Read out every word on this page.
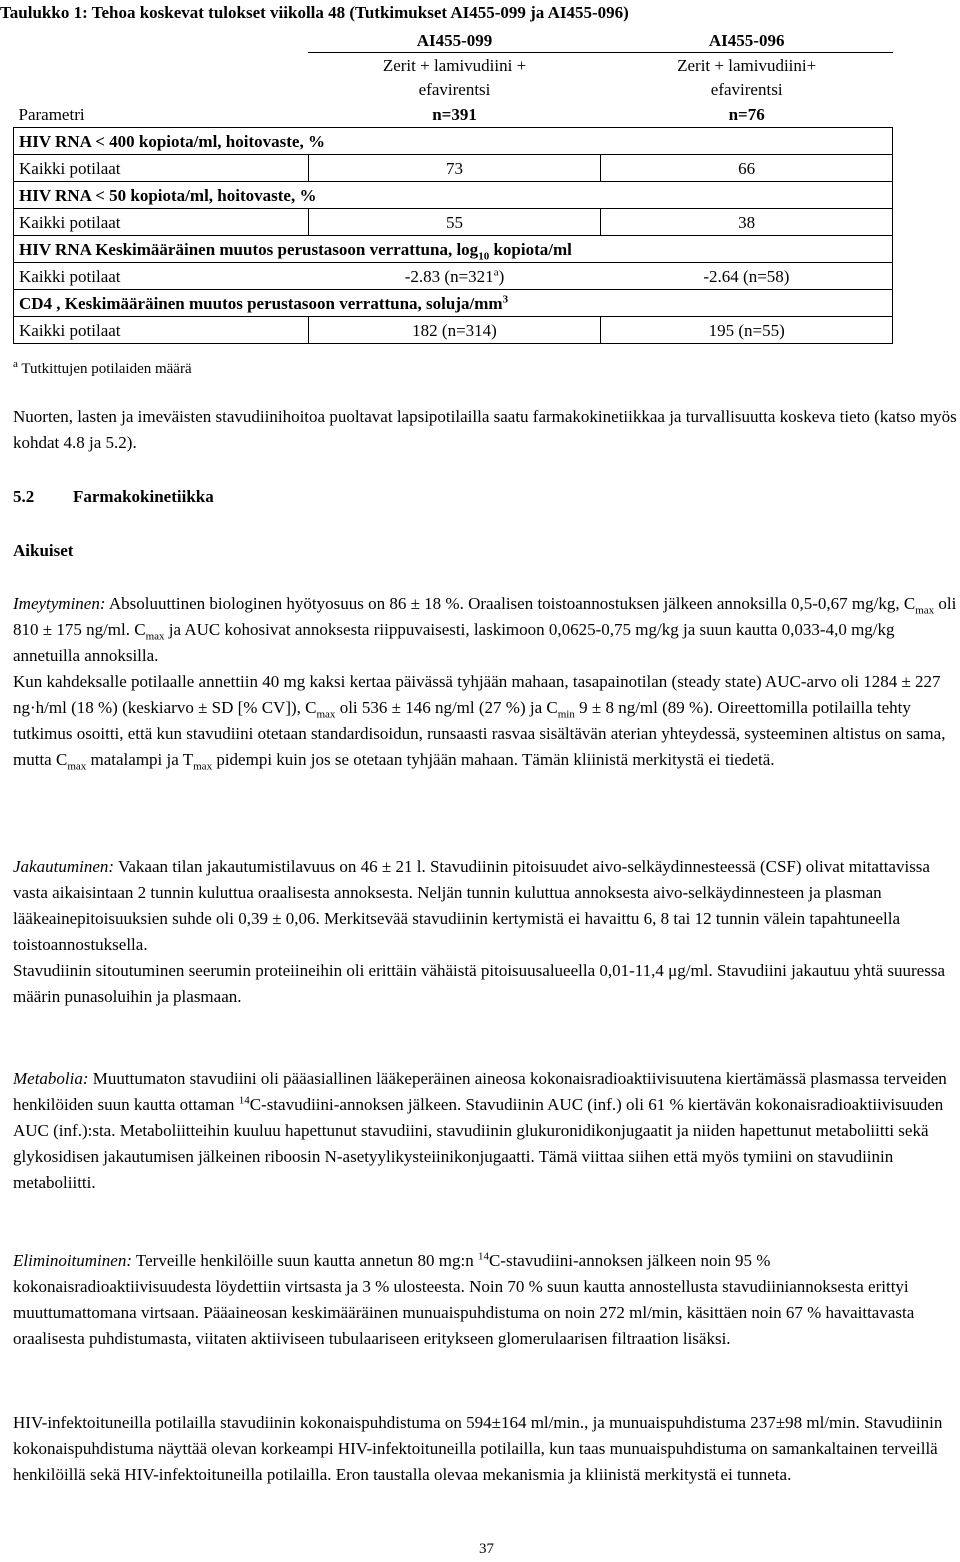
Taulukko 1: Tehoa koskevat tulokset viikolla 48 (Tutkimukset AI455-099 ja AI455-096)
	AI455-099	AI455-096
	Zerit + lamivudiini +	Zerit + lamivudiini+
	efavirentsi	efavirentsi
Parametri	n=391	n=76
HIV RNA < 400 kopiota/ml, hoitovaste, %		
Kaikki potilaat	73	66
HIV RNA < 50 kopiota/ml, hoitovaste, %		
Kaikki potilaat	55	38
HIV RNA Keskimääräinen muutos perustasoon verrattuna, $\log_{10}$ kopiota/ml		
Kaikki potilaat	-2.83 $(n=321^a)$	-2.64 (n=58)
CD4 , Keskimääräinen muutos perustasoon verrattuna, soluja/$mm^3$
Kaikki potilaat	182 (n=314)	195 (n=55)
$^a$ Tutkittujen potilaiden määrä

Nuorten, lasten ja imeväisten stavudiinihoitoa puoltavat lapsipotilailla saatu farmakokinetiikkaa ja turvallisuutta koskeva tieto (katso myös kohdat 4.8 ja 5.2).

5.2 Farmakokinetiikka
Aikuiset

Imeytyminen: Absoluuttinen biologinen hyötyosuus on 86 ± 18 %. Oraalisen toistoannostuksen jälkeen annoksilla 0,5-0,67 mg/kg, $C_{max}$ oli 810 ± 175 ng/ml. $C_{max}$ ja AUC kohosivat annoksesta riippuvaisesti, laskimoon 0,0625-0,75 mg/kg ja suun kautta 0,033-4,0 mg/kg annetuilla annoksilla.
Kun kahdeksalle potilaalle annettiin 40 mg kaksi kertaa päivässä tyhjään mahaan, tasapainotilan (steady state) AUC-arvo oli 1284 ± 227 ng·h/ml (18 %) (keskiarvo ± SD [% CV]), $C_{max}$ oli 536 ± 146 ng/ml (27 %) ja $C_{min}$ 9 ± 8 ng/ml (89 %). Oireettomilla potilailla tehty tutkimus osoitti, että kun stavudiini otetaan standardisoidun, runsaasti rasvaa sisältävän aterian yhteydessä, systeeminen altistus on sama, mutta $C_{max}$ matalampi ja $T_{max}$ pidempi kuin jos se otetaan tyhjään mahaan. Tämän kliinistä merkitystä ei tiedetä.

Jakautuminen: Vakaan tilan jakautumistilavuus on 46 ± 21 l. Stavudiinin pitoisuudet aivo-selkäydinnesteessä (CSF) olivat mitattavissa vasta aikaisintaan 2 tunnin kuluttua oraalisesta annoksesta. Neljän tunnin kuluttua annoksesta aivo-selkäydinnesteen ja plasman lääkeainepitoisuuksien suhde oli 0,39 ± 0,06. Merkitsevää stavudiinin kertymistä ei havaittu 6, 8 tai 12 tunnin välein tapahtuneella toistoannostuksella.
Stavudiinin sitoutuminen seerumin proteiineihin oli erittäin vähäistä pitoisuusalueella 0,01-11,4 μg/ml. Stavudiini jakautuu yhtä suuressa määrin punasoluihin ja plasmaan.

Metabolia: Muuttumaton stavudiini oli pääasiallinen lääkeperäinen aineosa kokonaisradioaktiivisuutena kiertämässä plasmassa terveiden henkilöiden suun kautta ottaman $^{14}$C-stavudiini-annoksen jälkeen. Stavudiinin AUC (inf.) oli 61 % kiertävän kokonaisradioaktiivisuuden AUC (inf.):sta. Metaboliitteihin kuuluu hapettunut stavudiini, stavudiinin glukuronidikonjugaatit ja niiden hapettunut metaboliitti sekä glykosidisen jakautumisen jälkeinen riboosin N-asetyylikysteiinikonjugaatti. Tämä viittaa siihen että myös tymiini on stavudiinin metaboliitti.

Eliminoituminen: Terveille henkilöille suun kautta annetun 80 mg:n $^{14}$C-stavudiini-annoksen jälkeen noin 95 % kokonaisradioaktiivisuudesta löydettiin virtsasta ja 3 % ulosteesta. Noin 70 % suun kautta annostellusta stavudiiniannoksesta erittyi muuttumattomana virtsaan. Pääaineosan keskimääräinen munuaispuhdistuma on noin 272 ml/min, käsittäen noin 67 % havaittavasta oraalisesta puhdistumasta, viitaten aktiiviseen tubulaariseen eritykseen glomerulaarisen filtraation lisäksi.

HIV-infektoituneilla potilailla stavudiinin kokonaispuhdistuma on 594±164 ml/min., ja munuaispuhdistuma 237±98 ml/min. Stavudiinin kokonaispuhdistuma näyttää olevan korkeampi HIV-infektoituneilla potilailla, kun taas munuaispuhdistuma on samankaltainen terveillä henkilöillä sekä HIV-infektoituneilla potilailla. Eron taustalla olevaa mekanismia ja kliinistä merkitystä ei tunneta.

37
